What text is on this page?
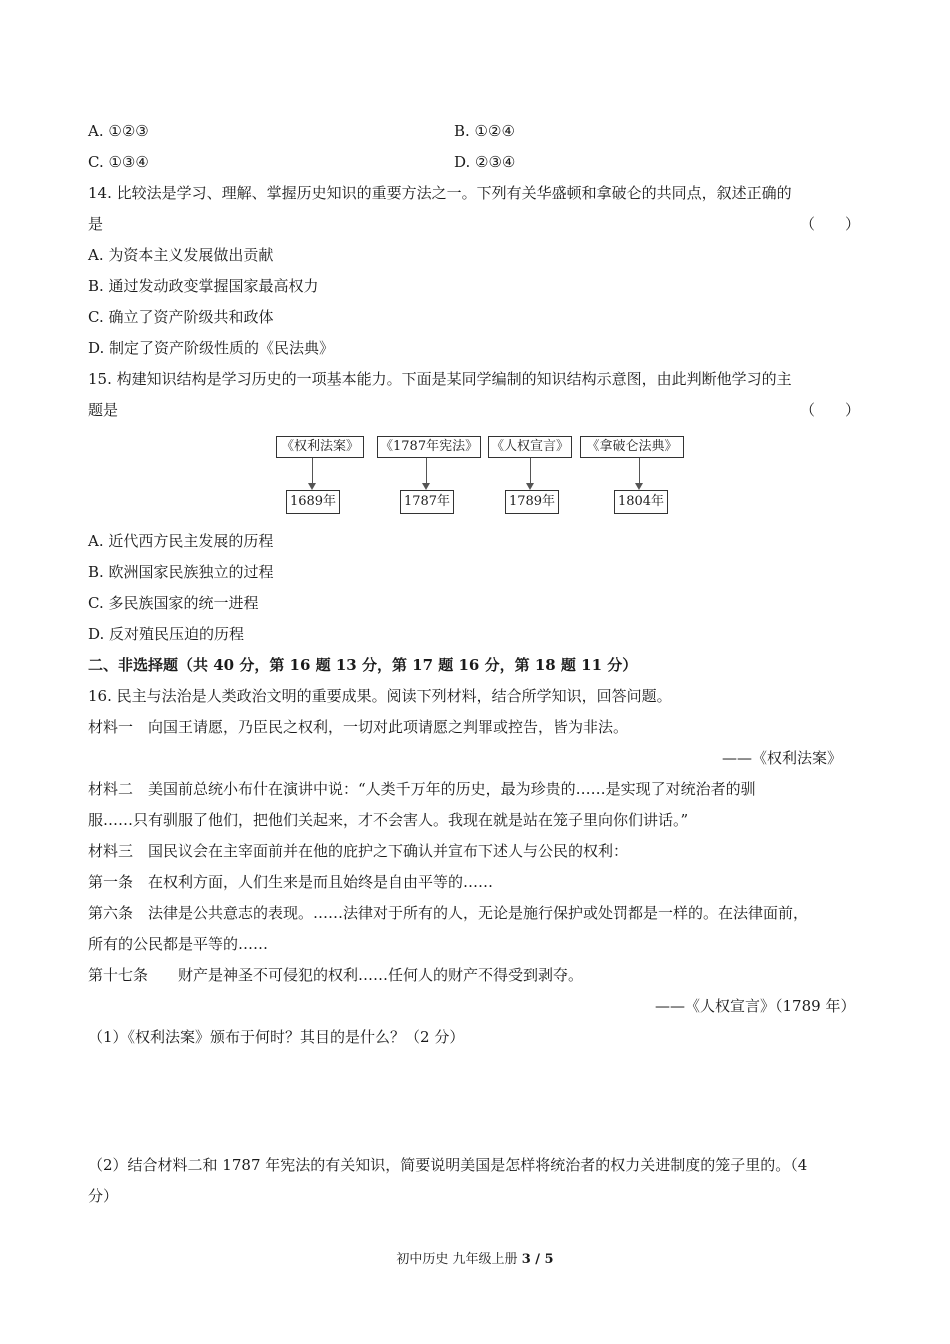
A. ①②③	B. ①②④
C. ①③④	D. ②③④
14. 比较法是学习、理解、掌握历史知识的重要方法之一。下列有关华盛顿和拿破仑的共同点，叙述正确的
是	（　　）
A. 为资本主义发展做出贡献
B. 通过发动政变掌握国家最高权力
C. 确立了资产阶级共和政体
D. 制定了资产阶级性质的《民法典》
15. 构建知识结构是学习历史的一项基本能力。下面是某同学编制的知识结构示意图，由此判断他学习的主
题是	（　　）
《权利法案》	《1787年宪法》 《人权宣言》	《拿破仑法典》
1689年	1787年	1789年	1804年
A. 近代西方民主发展的历程
B. 欧洲国家民族独立的过程
C. 多民族国家的统一进程
D. 反对殖民压迫的历程
二、非选择题（共 40 分，第 16 题 13 分，第 17 题 16 分，第 18 题 11 分）
16. 民主与法治是人类政治文明的重要成果。阅读下列材料，结合所学知识，回答问题。
材料一　向国王请愿，乃臣民之权利，一切对此项请愿之判罪或控告，皆为非法。
——《权利法案》
材料二　美国前总统小布什在演讲中说：“人类千万年的历史，最为珍贵的……是实现了对统治者的驯
服……只有驯服了他们，把他们关起来，才不会害人。我现在就是站在笼子里向你们讲话。”
材料三　国民议会在主宰面前并在他的庇护之下确认并宣布下述人与公民的权利：
第一条　在权利方面，人们生来是而且始终是自由平等的……
第六条　法律是公共意志的表现。……法律对于所有的人，无论是施行保护或处罚都是一样的。在法律面前，
所有的公民都是平等的……
第十七条　　财产是神圣不可侵犯的权利……任何人的财产不得受到剥夺。
——《人权宣言》（1789 年）
（1）《权利法案》颁布于何时？其目的是什么？（2 分）
（2）结合材料二和 1787 年宪法的有关知识，简要说明美国是怎样将统治者的权力关进制度的笼子里的。（4
分）
初中历史 九年级上册 3 / 5
